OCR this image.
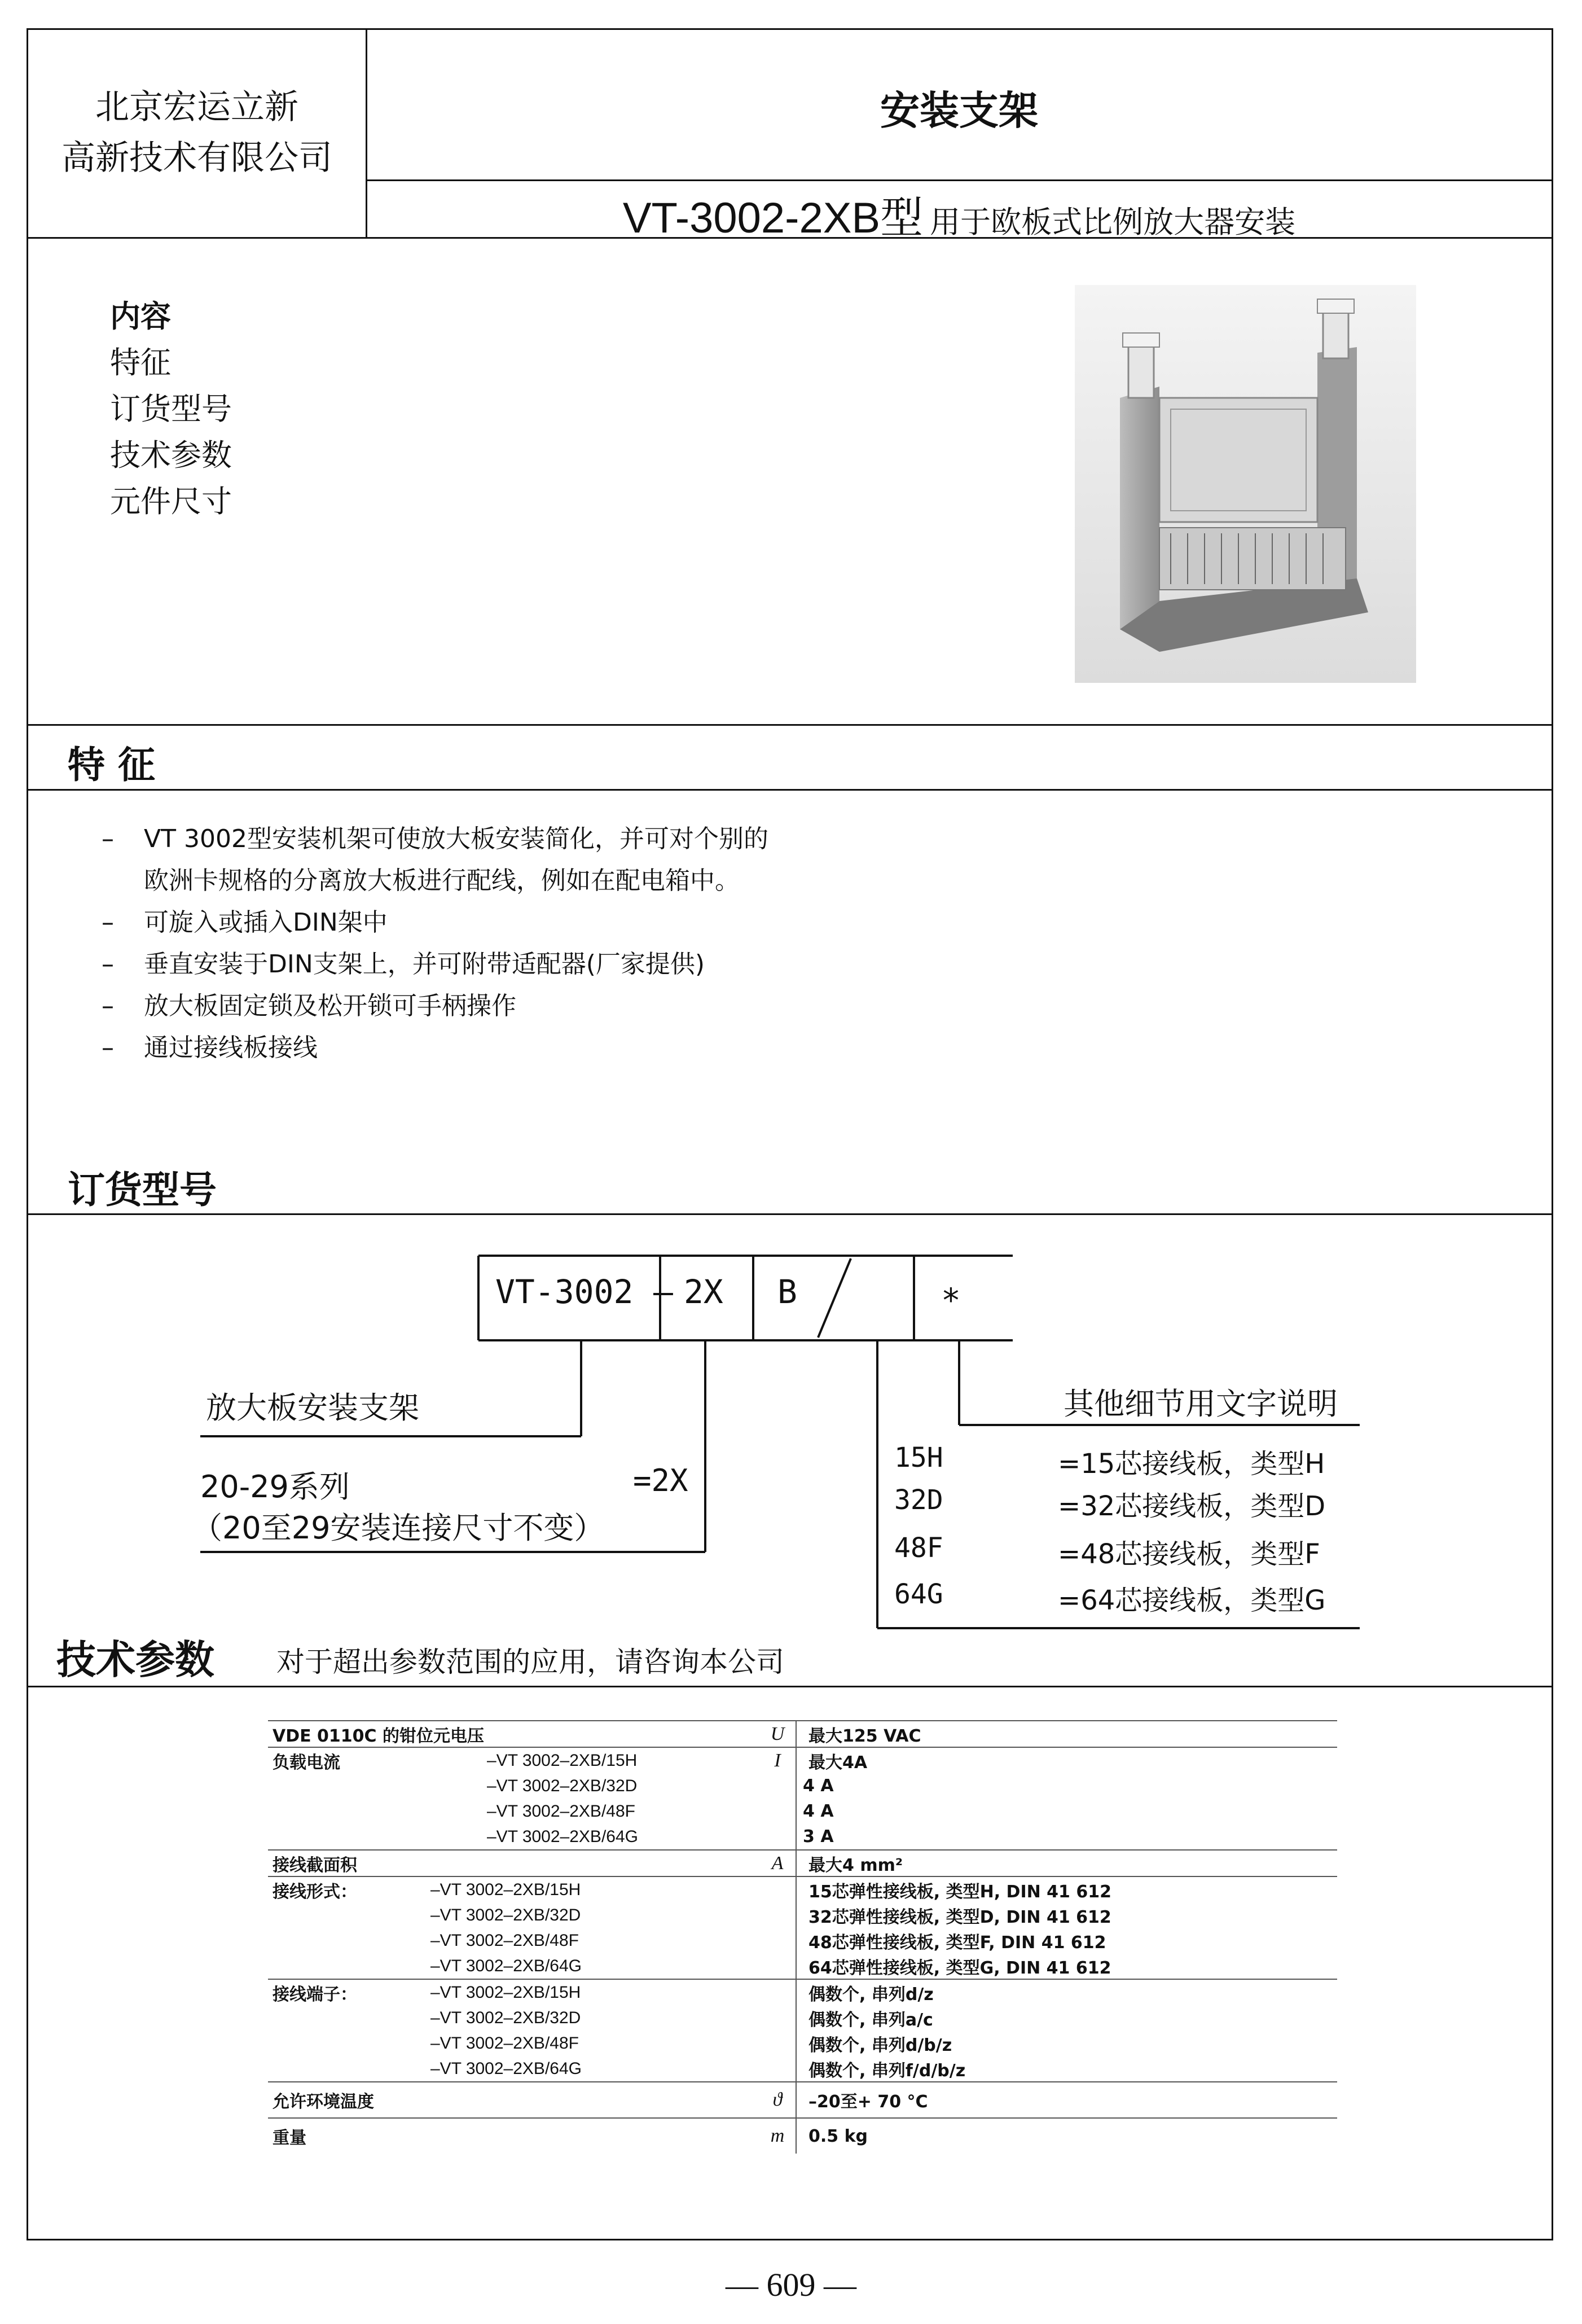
北京宏运立新
高新技术有限公司
安装支架
VT-3002-2XB型 用于欧板式比例放大器安装
内容
特征
订货型号
技术参数
元件尺寸
特 征
–	VT 3002型安装机架可使放大板安装简化，并可对个别的
欧洲卡规格的分离放大板进行配线，例如在配电箱中。
–	可旋入或插入DIN架中
–	垂直安装于DIN支架上，并可附带适配器(厂家提供)
–	放大板固定锁及松开锁可手柄操作
–	通过接线板接线
订货型号
VT-3002 – 2X B	*
放大板安装支架
20-29系列	=2X
（20至29安装连接尺寸不变）
其他细节用文字说明
15H	=15芯接线板，类型H
32D	=32芯接线板，类型D
48F	=48芯接线板，类型F
64G	=64芯接线板，类型G
技术参数 对于超出参数范围的应用，请咨询本公司
VDE 0110C 的钳位元电压	U	最大125 VAC
负载电流	–VT 3002–2XB/15H	I	最大4A
–VT 3002–2XB/32D	4 A
–VT 3002–2XB/48F	4 A
–VT 3002–2XB/64G	3 A
接线截面积	A	最大4 mm²
接线形式：	–VT 3002–2XB/15H	15芯弹性接线板, 类型H, DIN 41 612
–VT 3002–2XB/32D	32芯弹性接线板, 类型D, DIN 41 612
–VT 3002–2XB/48F	48芯弹性接线板, 类型F, DIN 41 612
–VT 3002–2XB/64G	64芯弹性接线板, 类型G, DIN 41 612
接线端子：	–VT 3002–2XB/15H	偶数个, 串列d/z
–VT 3002–2XB/32D	偶数个, 串列a/c
–VT 3002–2XB/48F	偶数个, 串列d/b/z
–VT 3002–2XB/64G	偶数个, 串列f/d/b/z
允许环境温度	ϑ	–20至+ 70 °C
重量	m	0.5 kg
— 609 —
